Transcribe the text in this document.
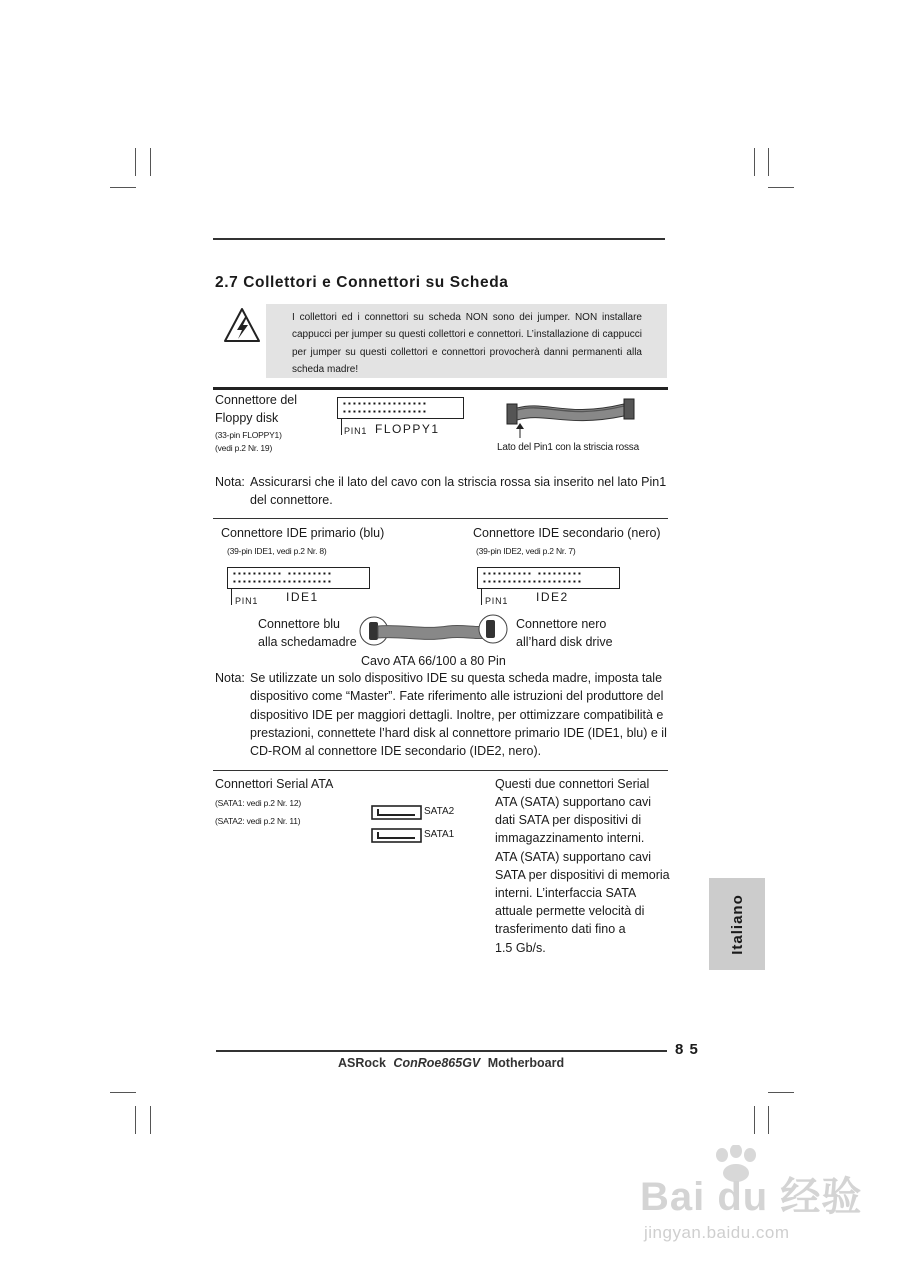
2.7 Collettori e Connettori su Scheda
I collettori ed i connettori su scheda NON sono dei jumper. NON installare cappucci per jumper su questi collettori e connettori. L’installazione di cappucci per jumper su questi collettori e connettori provocherà danni permanenti alla scheda madre!
Connettore del
Floppy disk
(33-pin FLOPPY1)
(vedi p.2 Nr. 19)
▪▪▪▪▪▪▪▪▪▪▪▪▪▪▪▪▪
▪▪▪▪▪▪▪▪▪▪▪▪▪▪▪▪▪
PIN1 FLOPPY1
Lato del Pin1 con la striscia rossa
Nota: Assicurarsi che il lato del cavo con la striscia rossa sia inserito nel lato Pin1
del connettore.
Connettore IDE primario (blu)
(39-pin IDE1, vedi p.2 Nr. 8)
Connettore IDE secondario (nero)
(39-pin IDE2, vedi p.2 Nr. 7)
▪▪▪▪▪▪▪▪▪▪ ▪▪▪▪▪▪▪▪▪
▪▪▪▪▪▪▪▪▪▪▪▪▪▪▪▪▪▪▪▪
PIN1 IDE1
▪▪▪▪▪▪▪▪▪▪ ▪▪▪▪▪▪▪▪▪
▪▪▪▪▪▪▪▪▪▪▪▪▪▪▪▪▪▪▪▪
PIN1 IDE2
Connettore blu
alla schedamadre
Connettore nero
all’hard disk drive
Cavo ATA 66/100 a 80 Pin
Nota: Se utilizzate un solo dispositivo IDE su questa scheda madre, imposta tale
dispositivo come “Master”. Fate riferimento alle istruzioni del produttore del
dispositivo IDE per maggiori dettagli. Inoltre, per ottimizzare compatibilità e
prestazioni, connettete l’hard disk al connettore primario IDE (IDE1, blu) e il
CD-ROM al connettore IDE secondario (IDE2, nero).
Connettori Serial ATA
(SATA1: vedi p.2 Nr. 12)
(SATA2: vedi p.2 Nr. 11)
SATA2
SATA1
Questi due connettori Serial
ATA (SATA) supportano cavi
dati SATA per dispositivi di
immagazzinamento interni.
ATA (SATA) supportano cavi
SATA per dispositivi di memoria
interni. L’interfaccia SATA
attuale permette velocità di
trasferimento dati fino a
1.5 Gb/s.	Italiano
8 5
ASRock ConRoe865GV Motherboard
Bai du 经验
jingyan.baidu.com
